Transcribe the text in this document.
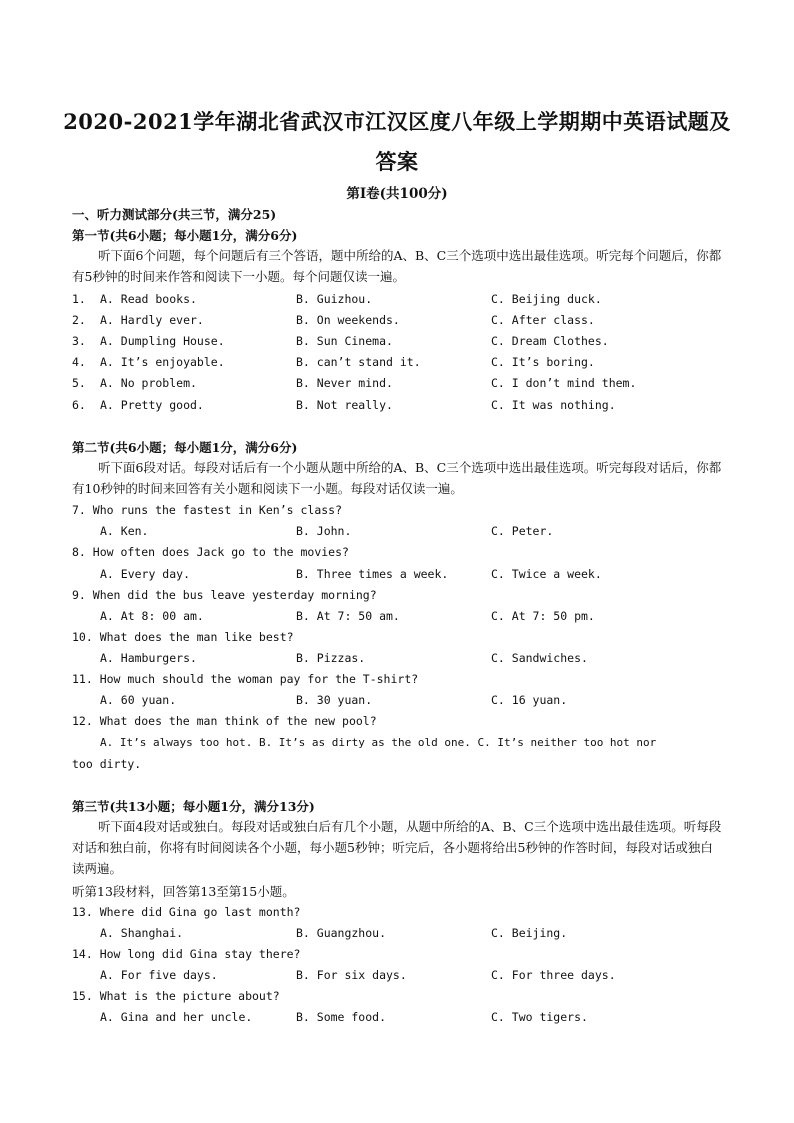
2020-2021学年湖北省武汉市江汉区度八年级上学期期中英语试题及
答案
第Ⅰ卷(共100分)
一、听力测试部分(共三节，满分25)
第一节(共6小题；每小题1分，满分6分)
听下面6个问题，每个问题后有三个答语，题中所给的A、B、C三个选项中选出最佳选项。听完每个问题后，你都有5秒钟的时间来作答和阅读下一小题。每个问题仅读一遍。
1. A. Read books.	B. Guizhou.	C. Beijing duck.
2. A. Hardly ever.	B. On weekends.	C. After class.
3. A. Dumpling House.	B. Sun Cinema.	C. Dream Clothes.
4. A. It’s enjoyable.	B. can’t stand it.	C. It’s boring.
5. A. No problem.	B. Never mind.	C. I don’t mind them.
6. A. Pretty good.	B. Not really.	C. It was nothing.
第二节(共6小题；每小题1分，满分6分)
听下面6段对话。每段对话后有一个小题从题中所给的A、B、C三个选项中选出最佳选项。听完每段对话后，你都有10秒钟的时间来回答有关小题和阅读下一小题。每段对话仅读一遍。
7. Who runs the fastest in Ken’s class?
A. Ken.	B. John.	C. Peter.
8. How often does Jack go to the movies?
A. Every day.	B. Three times a week.	C. Twice a week.
9. When did the bus leave yesterday morning?
A. At 8: 00 am.	B. At 7: 50 am.	C. At 7: 50 pm.
10. What does the man like best?
A. Hamburgers.	B. Pizzas.	C. Sandwiches.
11. How much should the woman pay for the T-shirt?
A. 60 yuan.	B. 30 yuan.	C. 16 yuan.
12. What does the man think of the new pool?
A. It’s always too hot. B. It’s as dirty as the old one. C. It’s neither too hot nor
too dirty.
第三节(共13小题；每小题1分，满分13分)
听下面4段对话或独白。每段对话或独白后有几个小题，从题中所给的A、B、C三个选项中选出最佳选项。听每段对话和独白前，你将有时间阅读各个小题，每小题5秒钟；听完后，各小题将给出5秒钟的作答时间，每段对话或独白读两遍。
听第13段材料，回答第13至第15小题。
13. Where did Gina go last month?
A. Shanghai.	B. Guangzhou.	C. Beijing.
14. How long did Gina stay there?
A. For five days.	B. For six days.	C. For three days.
15. What is the picture about?
A. Gina and her uncle.	B. Some food.	C. Two tigers.
